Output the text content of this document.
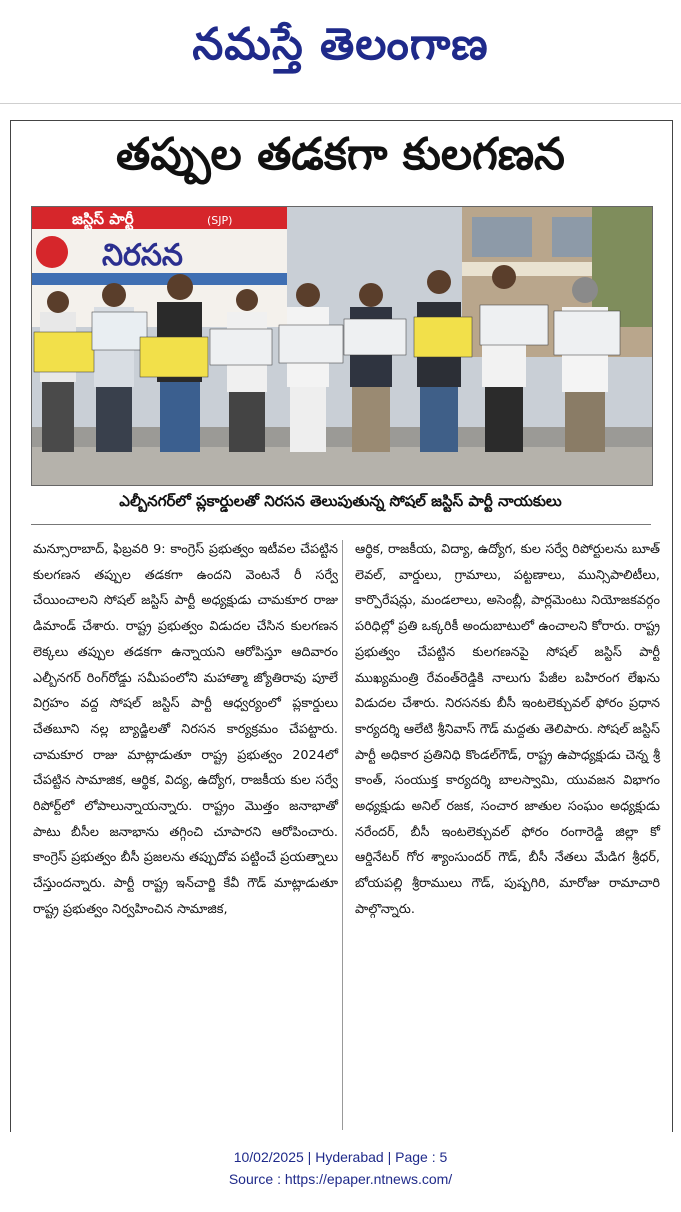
నమస్తే తెలంగాణ
తప్పుల తడకగా కులగణన
జస్టిస్ పార్టీ	(SJP)
నిరసన
ఎల్బీనగర్‌లో ప్లకార్డులతో నిరసన తెలుపుతున్న సోషల్ జస్టిస్ పార్టీ నాయకులు

మన్సూరాబాద్, ఫిబ్రవరి 9: కాంగ్రెస్ ప్రభుత్వం ఇటీవల చేపట్టిన కులగణన తప్పుల తడకగా ఉందని వెంటనే రీ సర్వే చేయించాలని సోషల్ జస్టిస్ పార్టీ అధ్యక్షుడు చామకూర రాజు డిమాండ్ చేశారు. రాష్ట్ర ప్రభుత్వం విడుదల చేసిన కులగణన లెక్కలు తప్పుల తడకగా ఉన్నాయని ఆరోపిస్తూ ఆదివారం ఎల్బీనగర్ రింగ్‌రోడ్డు సమీపంలోని మహాత్మా జ్యోతిరావు పూలే విగ్రహం వద్ద సోషల్ జస్టిస్ పార్టీ ఆధ్వర్యంలో ప్లకార్డులు చేతబూని నల్ల బ్యాడ్జిలతో నిరసన కార్యక్రమం చేపట్టారు. చామకూర రాజు మాట్లాడుతూ రాష్ట్ర ప్రభుత్వం 2024లో చేపట్టిన సామాజిక, ఆర్థిక, విద్య, ఉద్యోగ, రాజకీయ కుల సర్వే రిపోర్ట్‌లో లోపాలున్నాయన్నారు. రాష్ట్రం మొత్తం జనాభాతో పాటు బీసీల జనాభాను తగ్గించి చూపారని ఆరోపించారు. కాంగ్రెస్ ప్రభుత్వం బీసీ ప్రజలను తప్పుదోవ పట్టించే ప్రయత్నాలు చేస్తుందన్నారు. పార్టీ రాష్ట్ర ఇన్‌చార్జి కేవీ గౌడ్ మాట్లాడుతూ రాష్ట్ర ప్రభుత్వం నిర్వహించిన సామాజిక,

ఆర్థిక, రాజకీయ, విద్యా, ఉద్యోగ, కుల సర్వే రిపోర్టులను బూత్ లెవల్, వార్డులు, గ్రామాలు, పట్టణాలు, మున్సిపాలిటీలు, కార్పొరేషన్లు, మండలాలు, అసెంబ్లీ, పార్లమెంటు నియోజకవర్గం పరిధిల్లో ప్రతి ఒక్కరికీ అందుబాటులో ఉంచాలని కోరారు. రాష్ట్ర ప్రభుత్వం చేపట్టిన కులగణనపై సోషల్ జస్టిస్ పార్టీ ముఖ్యమంత్రి రేవంత్‌రెడ్డికి నాలుగు పేజీల బహిరంగ లేఖను విడుదల చేశారు. నిరసనకు బీసీ ఇంటలెక్చువల్ ఫోరం ప్రధాన కార్యదర్శి ఆలేటి శ్రీనివాస్ గౌడ్ మద్దతు తెలిపారు. సోషల్ జస్టిస్ పార్టీ అధికార ప్రతినిధి కొండల్‌గౌడ్, రాష్ట్ర ఉపాధ్యక్షుడు చెన్న శ్రీ కాంత్, సంయుక్త కార్యదర్శి బాలస్వామి, యువజన విభాగం అధ్యక్షుడు అనిల్ రజక, సంచార జాతుల సంఘం అధ్యక్షుడు నరేందర్, బీసీ ఇంటలెక్చువల్ ఫోరం రంగారెడ్డి జిల్లా కో ఆర్డినేటర్ గోర శ్యాంసుందర్ గౌడ్, బీసీ నేతలు మేడిగ శ్రీధర్, బోయపల్లి శ్రీరాములు గౌడ్, పుష్పగిరి, మారోజు రామాచారి పాల్గొన్నారు.

10/02/2025 | Hyderabad | Page : 5
Source : https://epaper.ntnews.com/
